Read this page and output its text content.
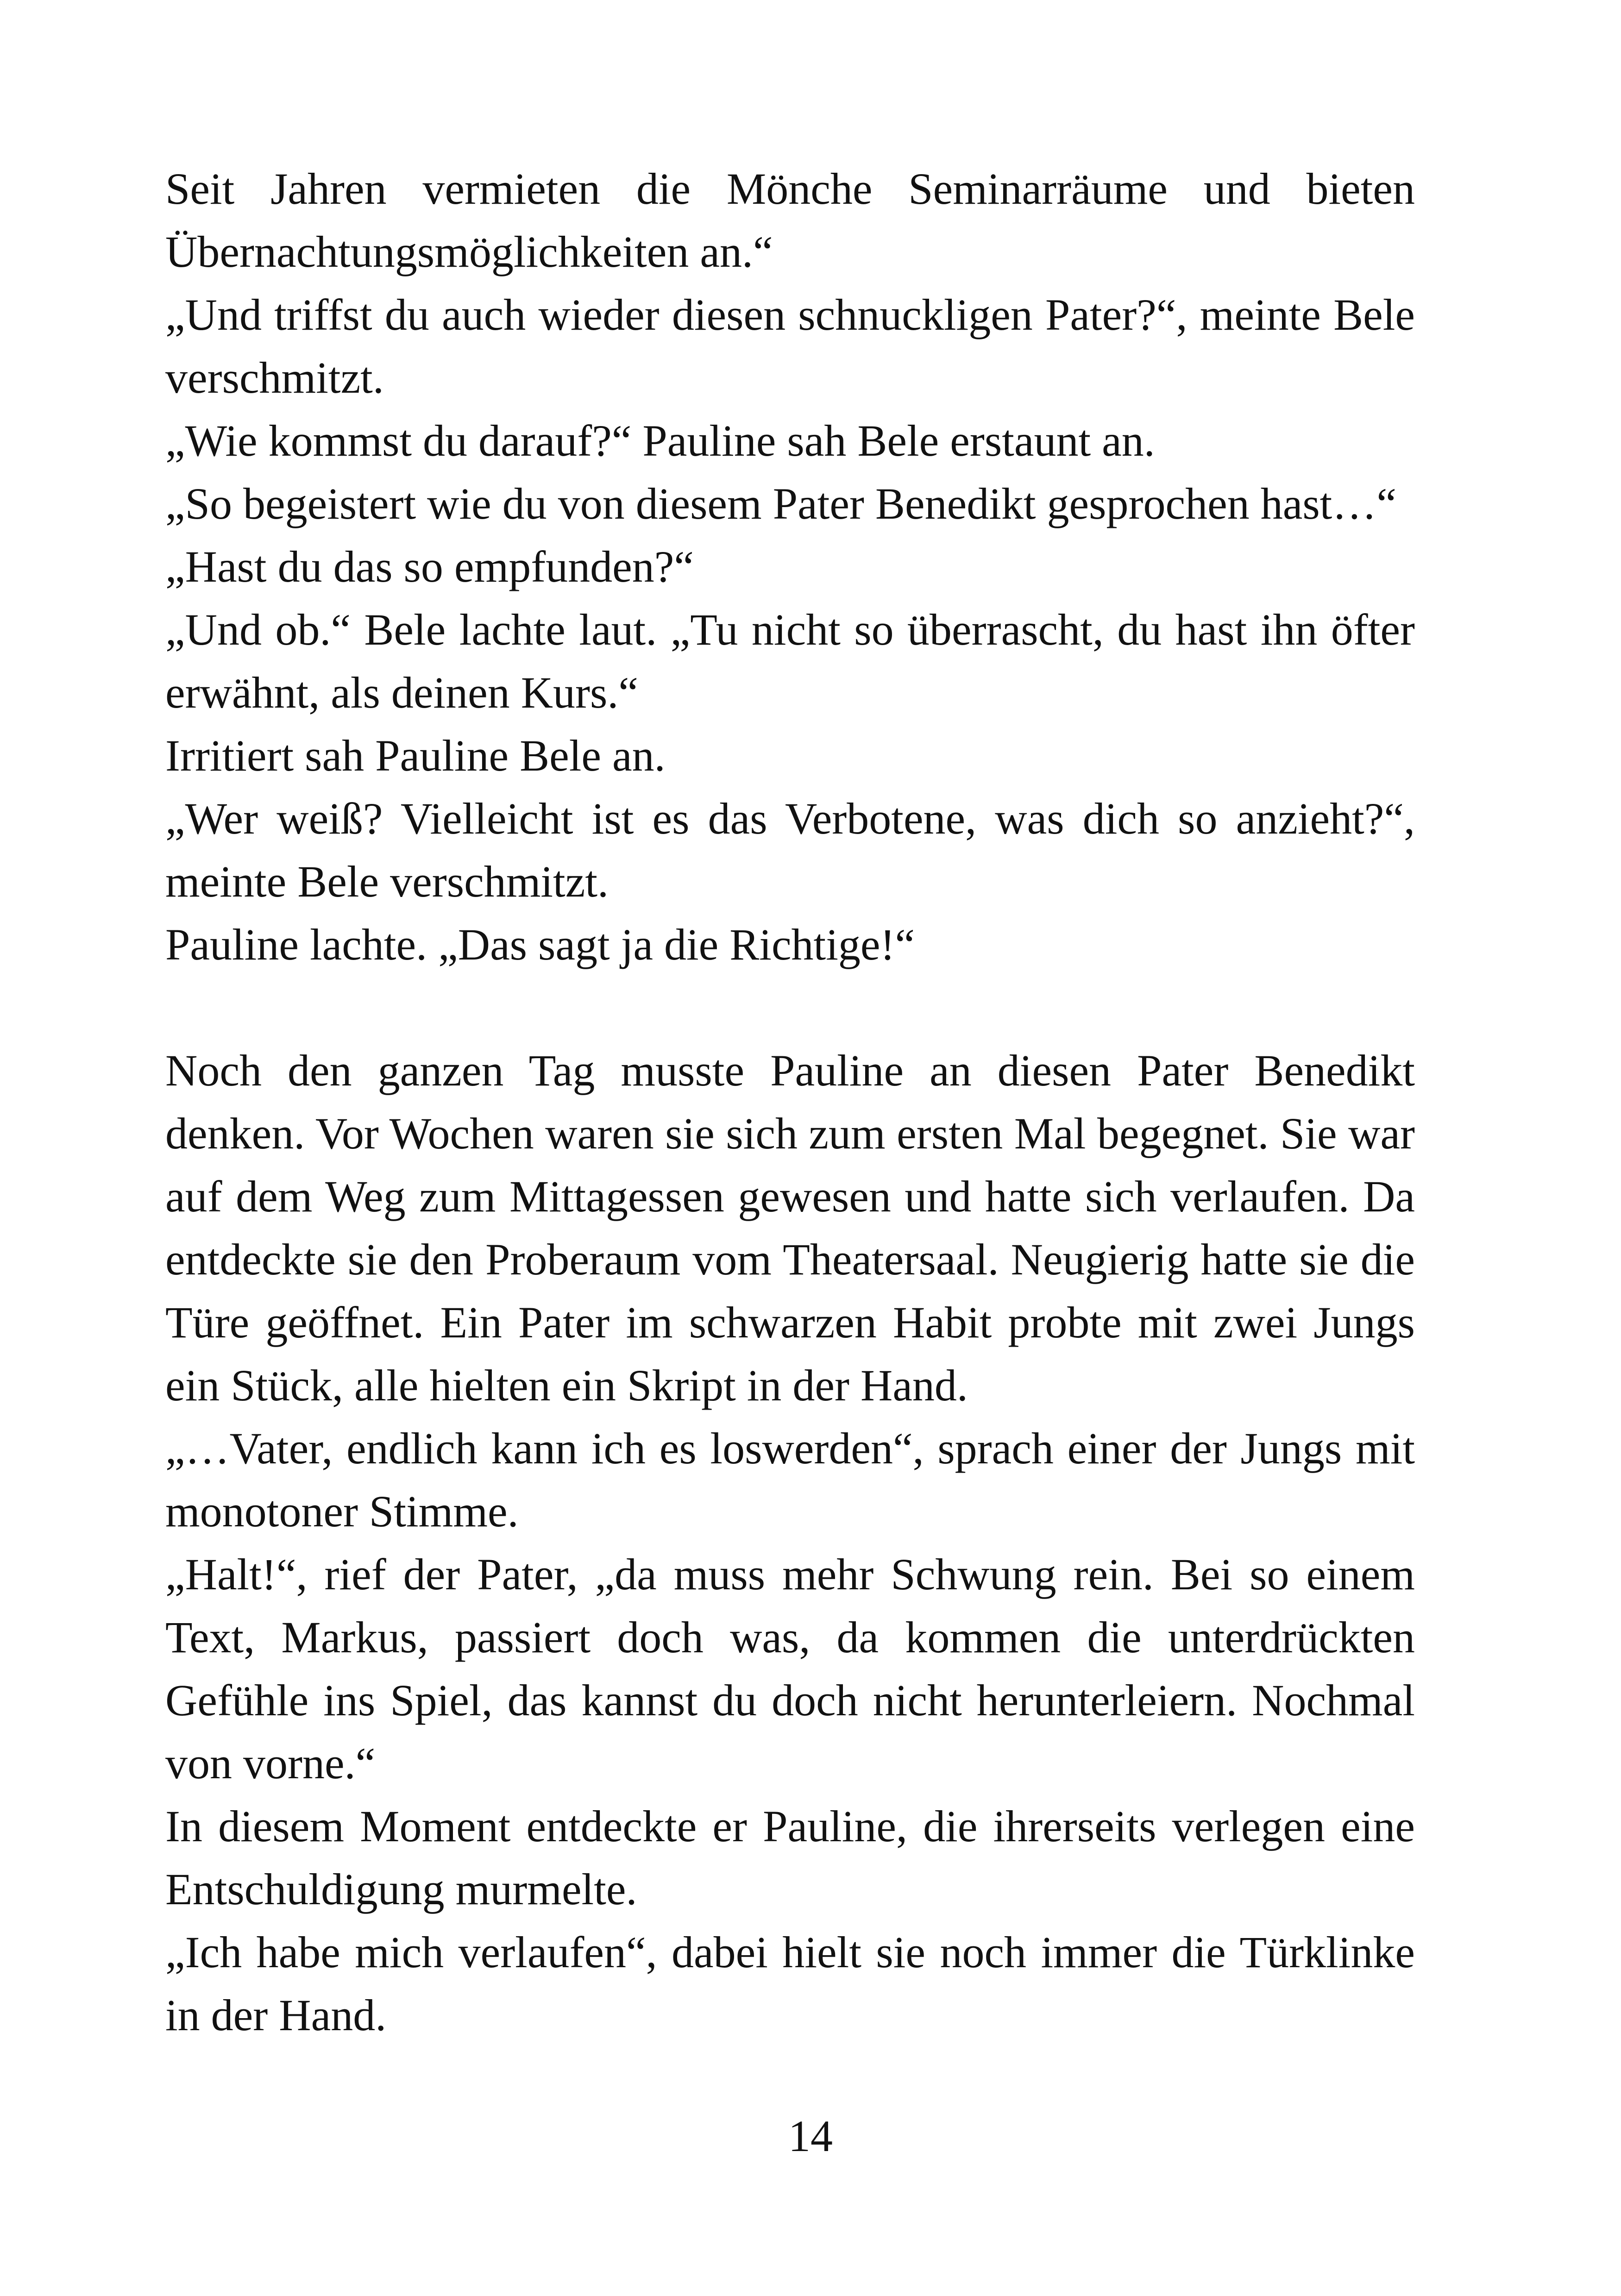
Seit Jahren vermieten die Mönche Seminarräume und bieten Übernachtungsmöglichkeiten an.“

„Und triffst du auch wieder diesen schnuckligen Pater?“, meinte Bele verschmitzt.

„Wie kommst du darauf?“ Pauline sah Bele erstaunt an.

„So begeistert wie du von diesem Pater Benedikt gesprochen hast…“

„Hast du das so empfunden?“

„Und ob.“ Bele lachte laut. „Tu nicht so überrascht, du hast ihn öfter erwähnt, als deinen Kurs.“

Irritiert sah Pauline Bele an.

„Wer weiß? Vielleicht ist es das Verbotene, was dich so anzieht?“, meinte Bele verschmitzt.

Pauline lachte. „Das sagt ja die Richtige!“

Noch den ganzen Tag musste Pauline an diesen Pater Benedikt denken. Vor Wochen waren sie sich zum ersten Mal begegnet. Sie war auf dem Weg zum Mittagessen gewesen und hatte sich verlaufen. Da entdeckte sie den Proberaum vom Theatersaal. Neugierig hatte sie die Türe geöffnet. Ein Pater im schwarzen Habit probte mit zwei Jungs ein Stück, alle hielten ein Skript in der Hand.

„…Vater, endlich kann ich es loswerden“, sprach einer der Jungs mit monotoner Stimme.

„Halt!“, rief der Pater, „da muss mehr Schwung rein. Bei so einem Text, Markus, passiert doch was, da kommen die unterdrückten Gefühle ins Spiel, das kannst du doch nicht herunterleiern. Nochmal von vorne.“

In diesem Moment entdeckte er Pauline, die ihrerseits verlegen eine Entschuldigung murmelte.

„Ich habe mich verlaufen“, dabei hielt sie noch immer die Türklinke in der Hand.

14
